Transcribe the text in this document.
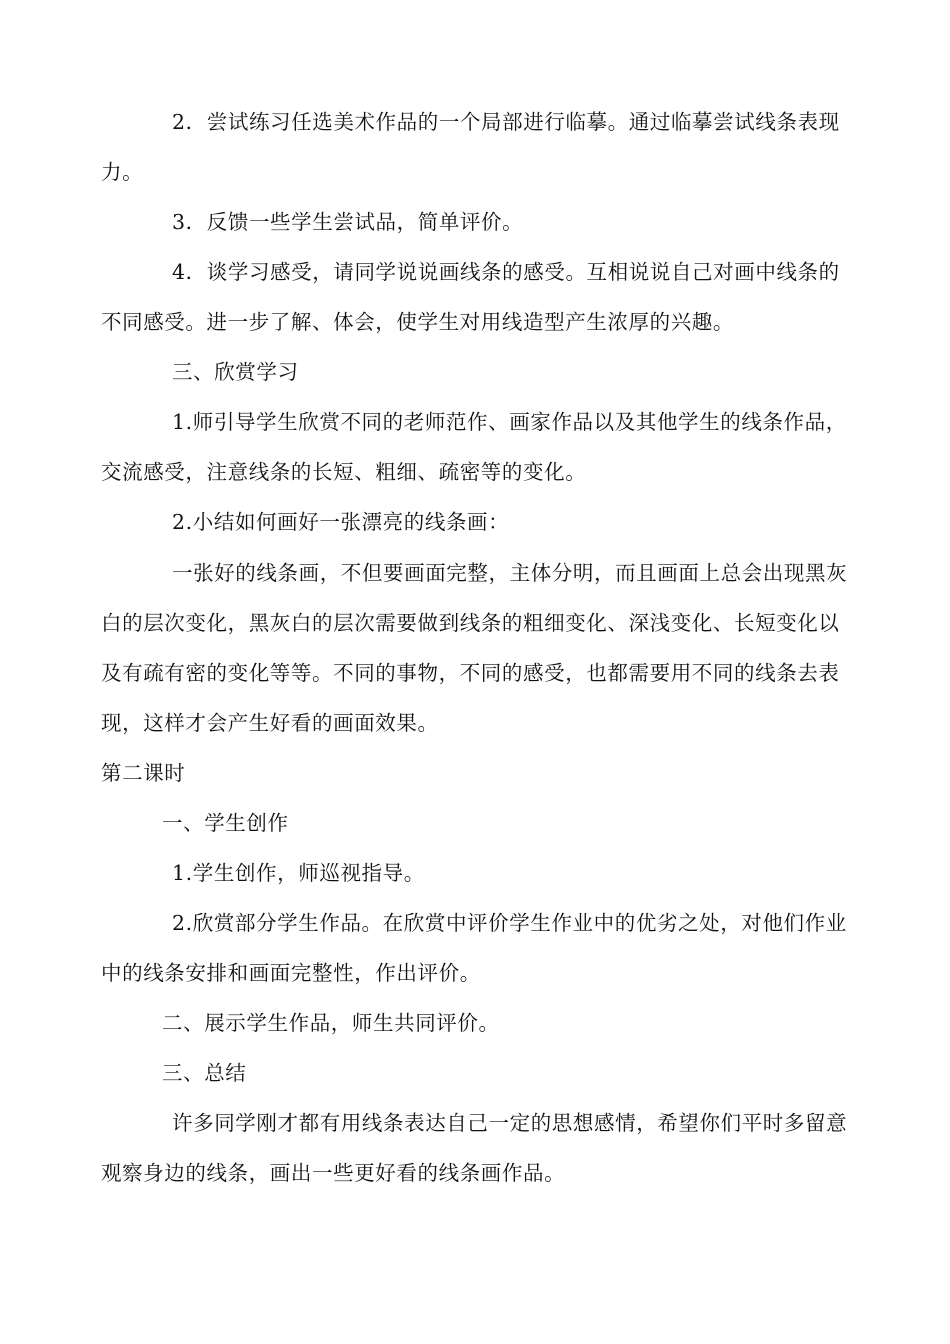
2．尝试练习任选美术作品的一个局部进行临摹。通过临摹尝试线条表现
力。
3．反馈一些学生尝试品，简单评价。
4．谈学习感受，请同学说说画线条的感受。互相说说自己对画中线条的
不同感受。进一步了解、体会，使学生对用线造型产生浓厚的兴趣。
三、欣赏学习
1.师引导学生欣赏不同的老师范作、画家作品以及其他学生的线条作品，
交流感受，注意线条的长短、粗细、疏密等的变化。
2.小结如何画好一张漂亮的线条画：
一张好的线条画，不但要画面完整，主体分明，而且画面上总会出现黑灰
白的层次变化，黑灰白的层次需要做到线条的粗细变化、深浅变化、长短变化以
及有疏有密的变化等等。不同的事物，不同的感受，也都需要用不同的线条去表
现，这样才会产生好看的画面效果。
第二课时
一、学生创作
1.学生创作，师巡视指导。
2.欣赏部分学生作品。在欣赏中评价学生作业中的优劣之处，对他们作业
中的线条安排和画面完整性，作出评价。
二、展示学生作品，师生共同评价。
三、总结
许多同学刚才都有用线条表达自己一定的思想感情，希望你们平时多留意
观察身边的线条，画出一些更好看的线条画作品。
